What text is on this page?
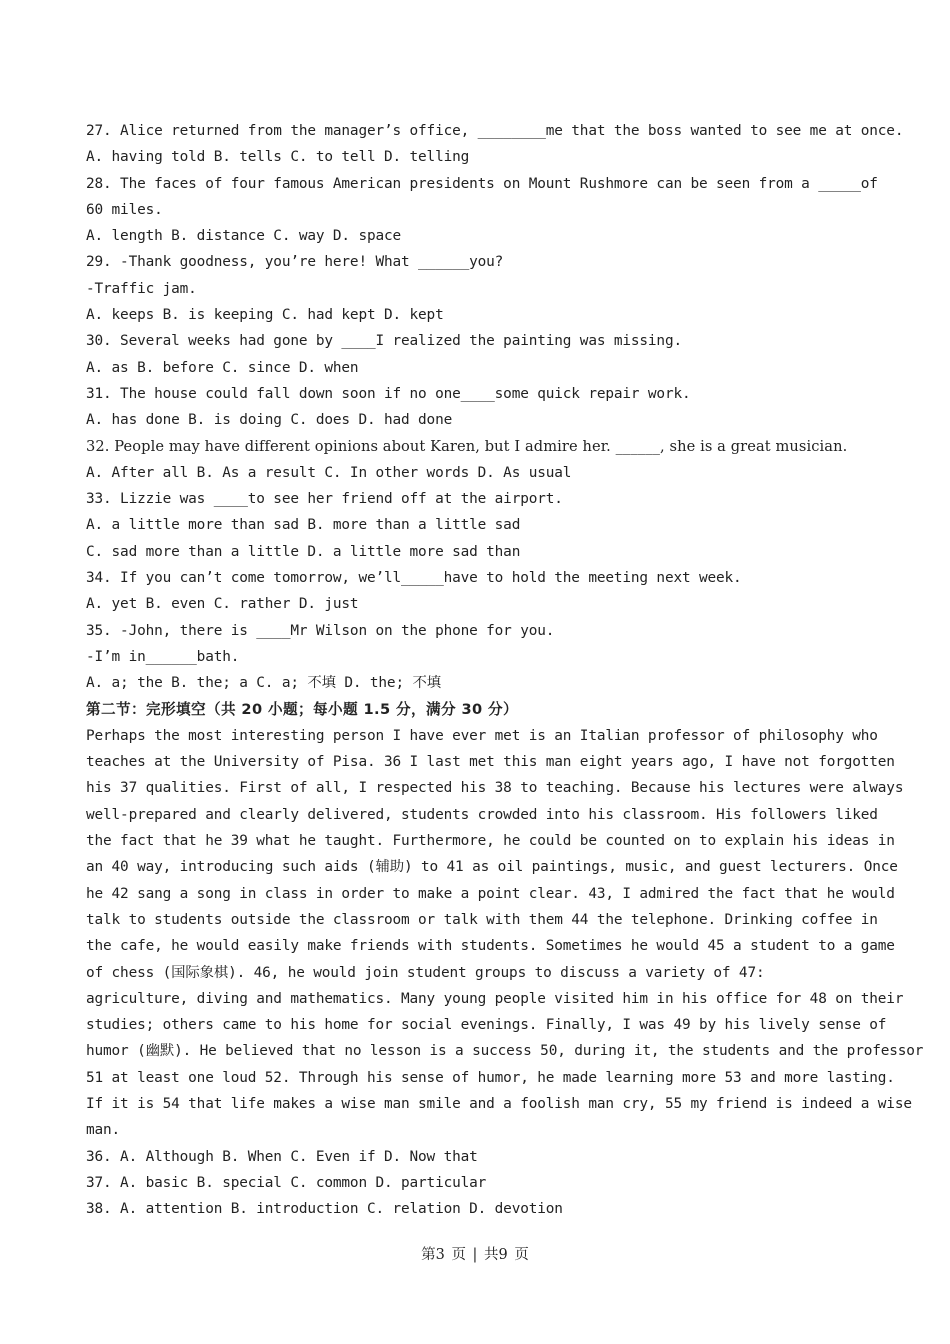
27. Alice returned from the manager’s office, ________me that the boss wanted to see me at once.
A. having told B. tells C. to tell D. telling
28. The faces of four famous American presidents on Mount Rushmore can be seen from a _____of
60 miles.
A. length B. distance C. way D. space
29. -Thank goodness, you’re here! What ______you?
-Traffic jam.
A. keeps B. is keeping C. had kept D. kept
30. Several weeks had gone by ____I realized the painting was missing.
A. as B. before C. since D. when
31. The house could fall down soon if no one____some quick repair work.
A. has done B. is doing C. does D. had done
32. People may have different opinions about Karen, but I admire her. ______, she is a great musician.
A. After all B. As a result C. In other words D. As usual
33. Lizzie was ____to see her friend off at the airport.
A. a little more than sad B. more than a little sad
C. sad more than a little D. a little more sad than
34. If you can’t come tomorrow, we’ll_____have to hold the meeting next week.
A. yet B. even C. rather D. just
35. -John, there is ____Mr Wilson on the phone for you.
-I’m in______bath.
A. a; the B. the; a C. a; 不填 D. the; 不填
第二节：完形填空（共 20 小题；每小题 1.5 分，满分 30 分）
Perhaps the most interesting person I have ever met is an Italian professor of philosophy who
teaches at the University of Pisa. 36 I last met this man eight years ago, I have not forgotten
his 37 qualities. First of all, I respected his 38 to teaching. Because his lectures were always
well-prepared and clearly delivered, students crowded into his classroom. His followers liked
the fact that he 39 what he taught. Furthermore, he could be counted on to explain his ideas in
an 40 way, introducing such aids (辅助) to 41 as oil paintings, music, and guest lecturers. Once
he 42 sang a song in class in order to make a point clear. 43, I admired the fact that he would
talk to students outside the classroom or talk with them 44 the telephone. Drinking coffee in
the cafe, he would easily make friends with students. Sometimes he would 45 a student to a game
of chess (国际象棋). 46, he would join student groups to discuss a variety of 47:
agriculture, diving and mathematics. Many young people visited him in his office for 48 on their
studies; others came to his home for social evenings. Finally, I was 49 by his lively sense of
humor (幽默). He believed that no lesson is a success 50, during it, the students and the professor
51 at least one loud 52. Through his sense of humor, he made learning more 53 and more lasting.
If it is 54 that life makes a wise man smile and a foolish man cry, 55 my friend is indeed a wise
man.
36. A. Although B. When C. Even if D. Now that
37. A. basic B. special C. common D. particular
38. A. attention B. introduction C. relation D. devotion
第3 页 | 共9 页
